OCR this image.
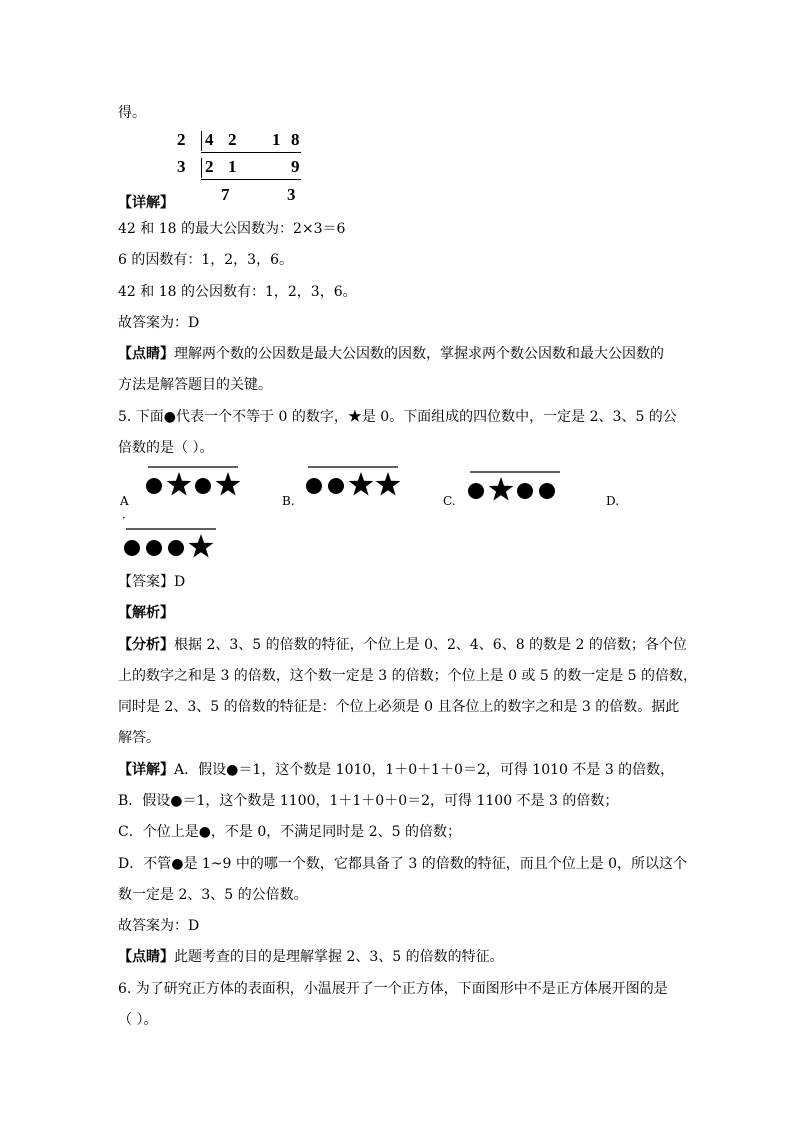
得。
2 4 2 1 8
3 2 1	9
7	3
【详解】
42 和 18 的最大公因数为：2×3＝6
6 的因数有：1，2，3，6。
42 和 18 的公因数有：1，2，3，6。
故答案为：D
【点睛】理解两个数的公因数是最大公因数的因数，掌握求两个数公因数和最大公因数的
方法是解答题目的关键。
5. 下面●代表一个不等于 0 的数字，★是 0。下面组成的四位数中，一定是 2、3、5 的公
倍数的是（ ）。
A
．
B.	C.	D.
【答案】D
【解析】
【分析】根据 2、3、5 的倍数的特征，个位上是 0、2、4、6、8 的数是 2 的倍数；各个位
上的数字之和是 3 的倍数，这个数一定是 3 的倍数；个位上是 0 或 5 的数一定是 5 的倍数，
同时是 2、3、5 的倍数的特征是：个位上必须是 0 且各位上的数字之和是 3 的倍数。据此
解答。
【详解】A．假设●＝1，这个数是 1010，1＋0＋1＋0＝2，可得 1010 不是 3 的倍数，
B．假设●＝1，这个数是 1100，1＋1＋0＋0＝2，可得 1100 不是 3 的倍数；
C．个位上是●，不是 0，不满足同时是 2、5 的倍数；
D．不管●是 1~9 中的哪一个数，它都具备了 3 的倍数的特征，而且个位上是 0，所以这个
数一定是 2、3、5 的公倍数。
故答案为：D
【点睛】此题考查的目的是理解掌握 2、3、5 的倍数的特征。
6. 为了研究正方体的表面积，小温展开了一个正方体，下面图形中不是正方体展开图的是
（ ）。
